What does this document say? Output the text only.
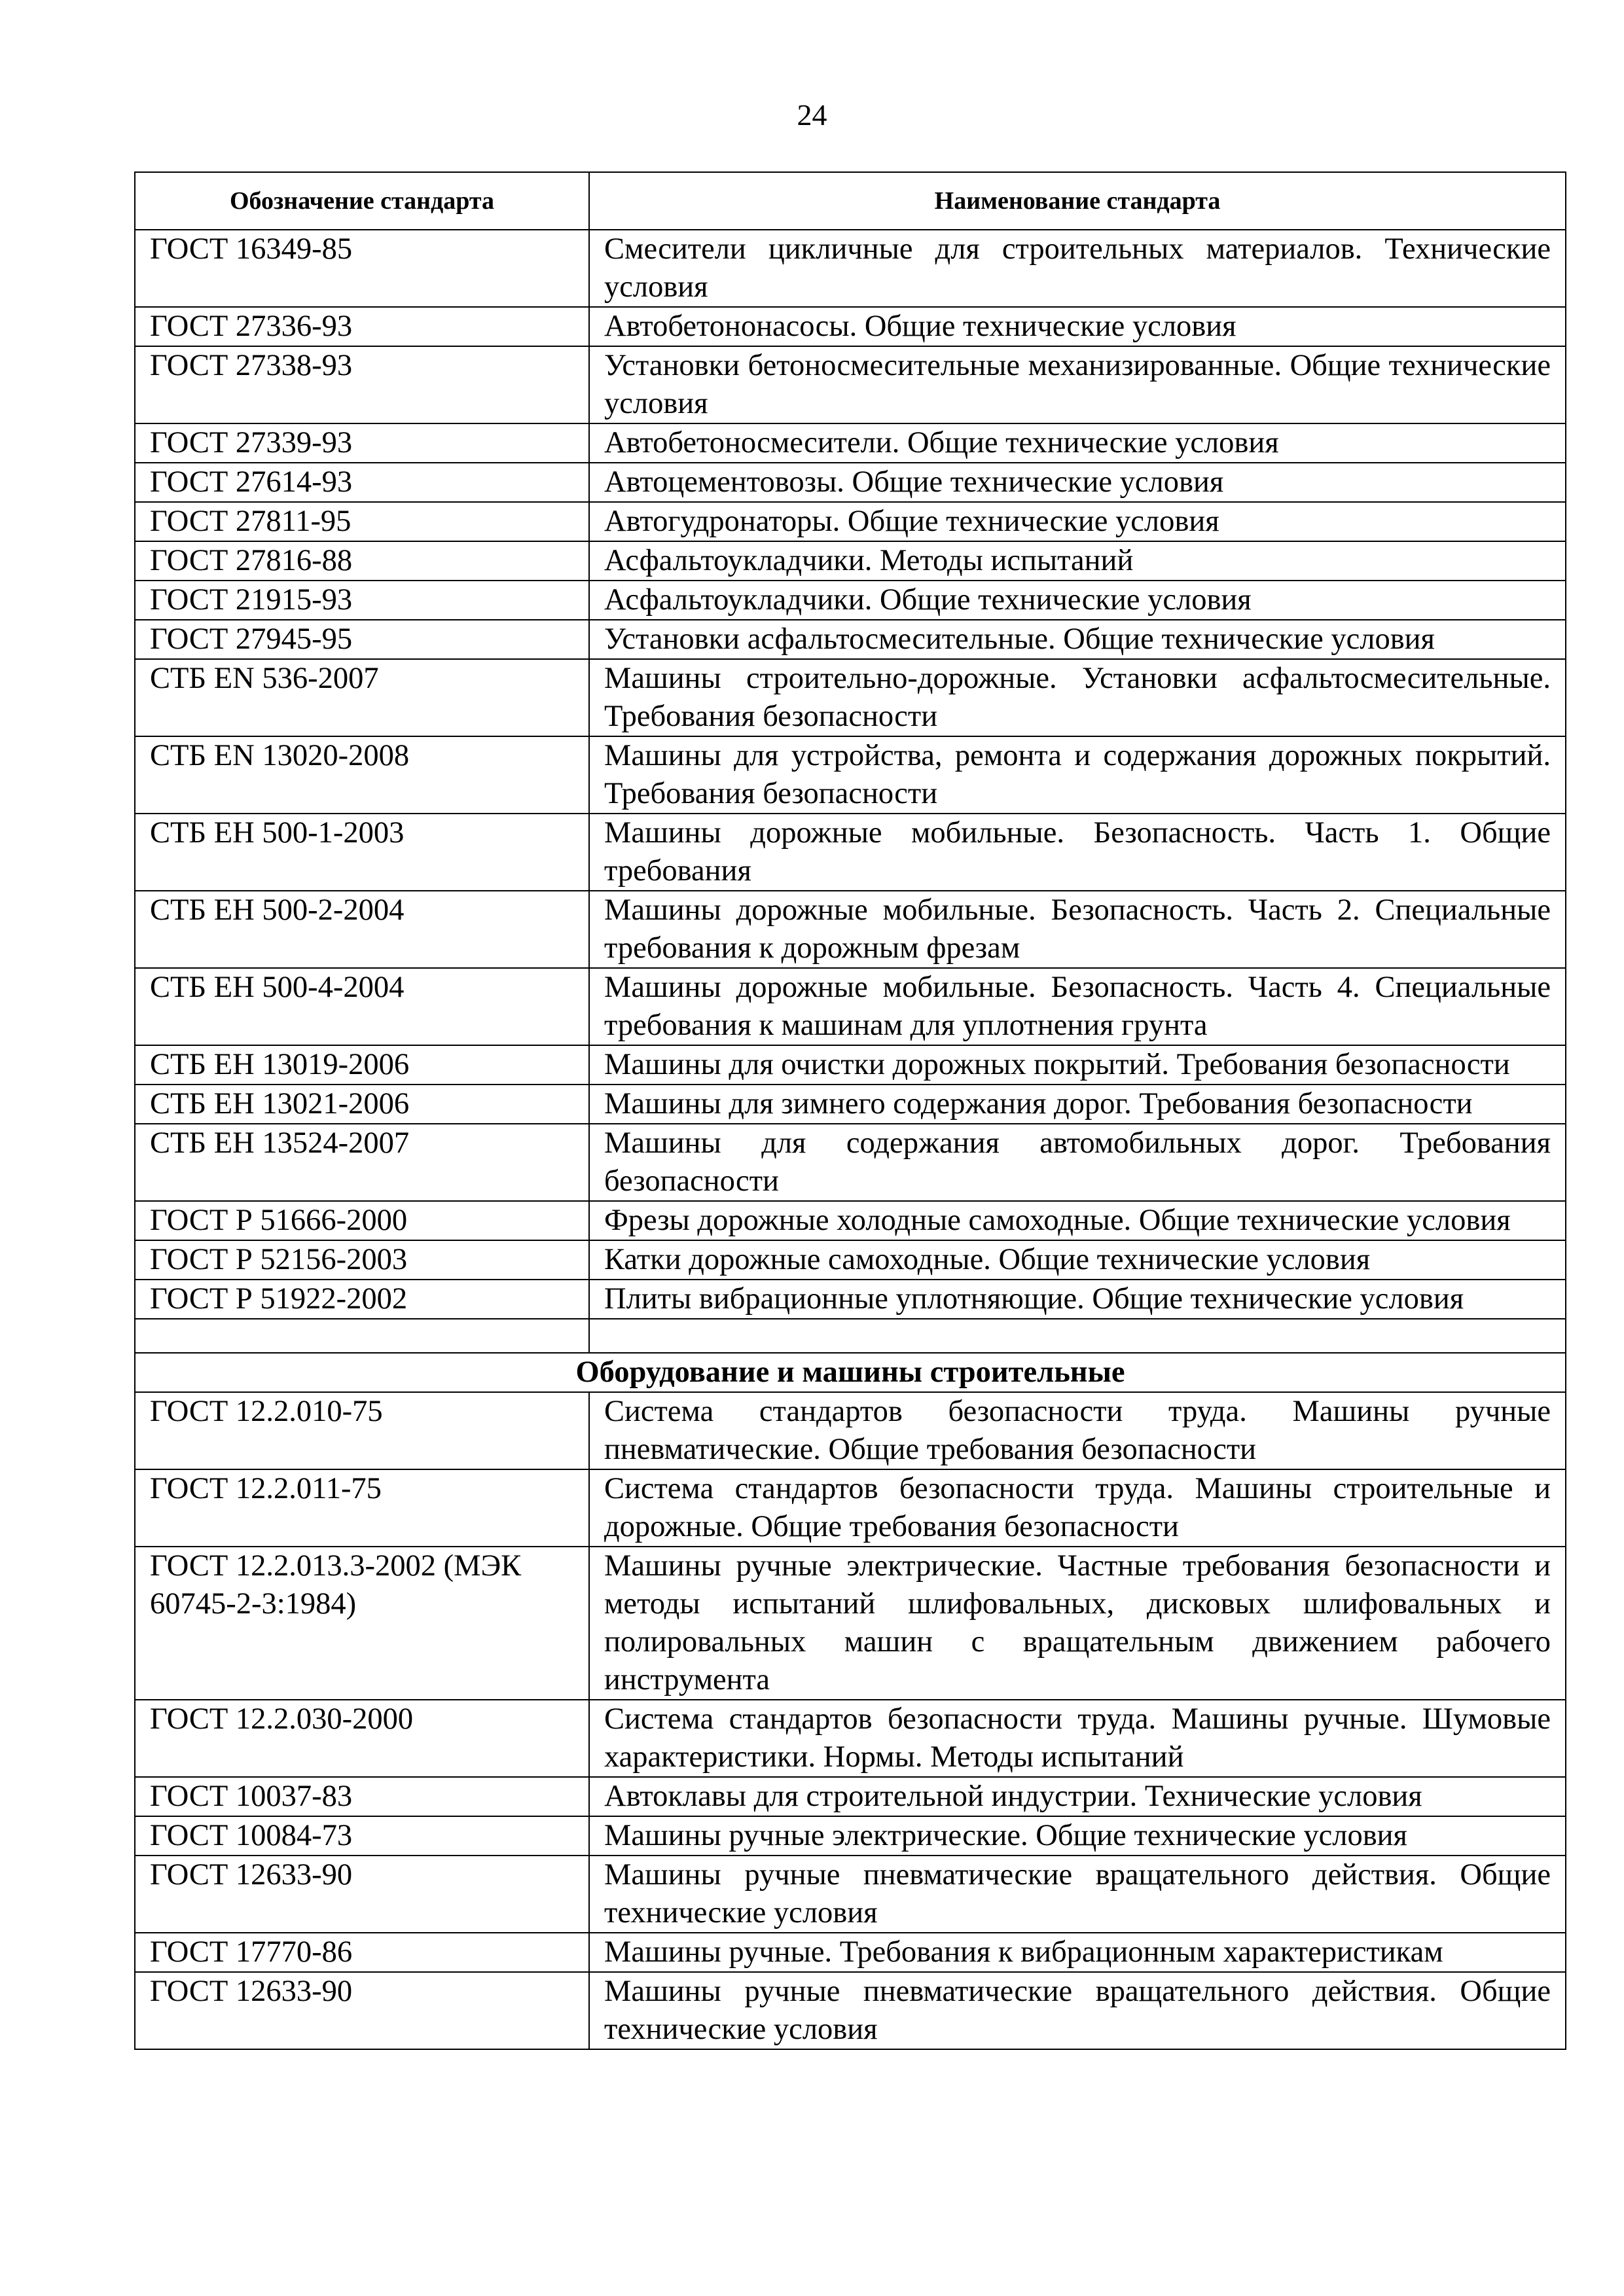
24
Обозначение стандарта	Наименование стандарта
ГОСТ 16349-85	Смесители цикличные для строительных материалов. Технические условия
ГОСТ 27336-93	Автобетононасосы. Общие технические условия
ГОСТ 27338-93	Установки бетоносмесительные механизированные. Общие технические условия
ГОСТ 27339-93	Автобетоносмесители. Общие технические условия
ГОСТ 27614-93	Автоцементовозы. Общие технические условия
ГОСТ 27811-95	Автогудронаторы. Общие технические условия
ГОСТ 27816-88	Асфальтоукладчики. Методы испытаний
ГОСТ 21915-93	Асфальтоукладчики. Общие технические условия
ГОСТ 27945-95	Установки асфальтосмесительные. Общие технические условия
СТБ EN 536-2007	Машины строительно-дорожные. Установки асфальтосмесительные. Требования безопасности
СТБ EN 13020-2008	Машины для устройства, ремонта и содержания дорожных покрытий. Требования безопасности
СТБ ЕН 500-1-2003	Машины дорожные мобильные. Безопасность. Часть 1. Общие требования
СТБ ЕН 500-2-2004	Машины дорожные мобильные. Безопасность. Часть 2. Специальные требования к дорожным фрезам
СТБ ЕН 500-4-2004	Машины дорожные мобильные. Безопасность. Часть 4. Специальные требования к машинам для уплотнения грунта
СТБ ЕН 13019-2006	Машины для очистки дорожных покрытий. Требования безопасности
СТБ ЕН 13021-2006	Машины для зимнего содержания дорог. Требования безопасности
СТБ ЕН 13524-2007	Машины для содержания автомобильных дорог. Требования безопасности
ГОСТ Р 51666-2000	Фрезы дорожные холодные самоходные. Общие технические условия
ГОСТ Р 52156-2003	Катки дорожные самоходные. Общие технические условия
ГОСТ Р 51922-2002	Плиты вибрационные уплотняющие. Общие технические условия

Оборудование и машины строительные	
ГОСТ 12.2.010-75	Система стандартов безопасности труда. Машины ручные пневматические. Общие требования безопасности
ГОСТ 12.2.011-75	Система стандартов безопасности труда. Машины строительные и дорожные. Общие требования безопасности
ГОСТ 12.2.013.3-2002 (МЭК 60745-2-3:1984)	Машины ручные электрические. Частные требования безопасности и методы испытаний шлифовальных, дисковых шлифовальных и полировальных машин с вращательным движением рабочего инструмента
ГОСТ 12.2.030-2000	Система стандартов безопасности труда. Машины ручные. Шумовые характеристики. Нормы. Методы испытаний
ГОСТ 10037-83	Автоклавы для строительной индустрии. Технические условия
ГОСТ 10084-73	Машины ручные электрические. Общие технические условия
ГОСТ 12633-90	Машины ручные пневматические вращательного действия. Общие технические условия
ГОСТ 17770-86	Машины ручные. Требования к вибрационным характеристикам
ГОСТ 12633-90	Машины ручные пневматические вращательного действия. Общие технические условия
